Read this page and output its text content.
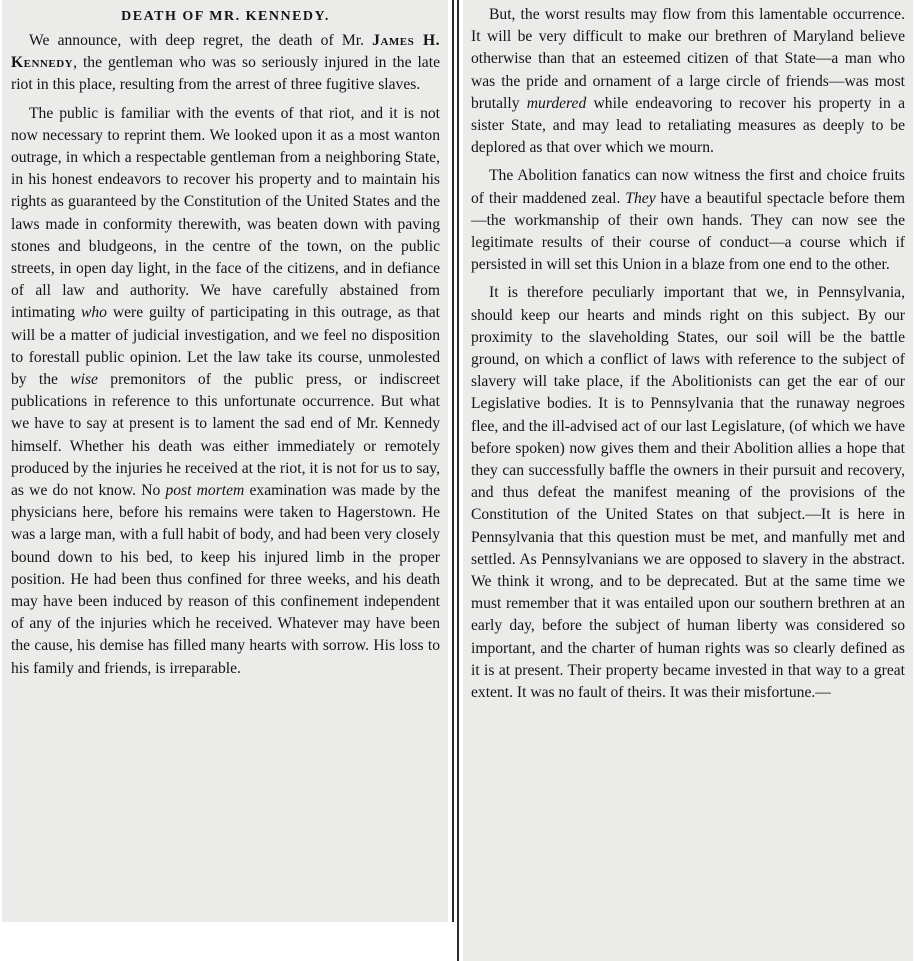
DEATH OF MR. KENNEDY.

We announce, with deep regret, the death of Mr. James H. Kennedy, the gentleman who was so seriously injured in the late riot in this place, resulting from the arrest of three fugitive slaves.

The public is familiar with the events of that riot, and it is not now necessary to reprint them. We looked upon it as a most wanton outrage, in which a respectable gentleman from a neighboring State, in his honest endeavors to recover his property and to maintain his rights as guaranteed by the Constitution of the United States and the laws made in conformity therewith, was beaten down with paving stones and bludgeons, in the centre of the town, on the public streets, in open day light, in the face of the citizens, and in defiance of all law and authority. We have carefully abstained from intimating who were guilty of participating in this outrage, as that will be a matter of judicial investigation, and we feel no disposition to forestall public opinion. Let the law take its course, unmolested by the wise premonitors of the public press, or indiscreet publications in reference to this unfortunate occurrence. But what we have to say at present is to lament the sad end of Mr. Kennedy himself. Whether his death was either immediately or remotely produced by the injuries he received at the riot, it is not for us to say, as we do not know. No post mortem examination was made by the physicians here, before his remains were taken to Hagerstown. He was a large man, with a full habit of body, and had been very closely bound down to his bed, to keep his injured limb in the proper position. He had been thus confined for three weeks, and his death may have been induced by reason of this confinement independent of any of the injuries which he received. Whatever may have been the cause, his demise has filled many hearts with sorrow. His loss to his family and friends, is irreparable.

But, the worst results may flow from this lamentable occurrence. It will be very difficult to make our brethren of Maryland believe otherwise than that an esteemed citizen of that State—a man who was the pride and ornament of a large circle of friends—was most brutally murdered while endeavoring to recover his property in a sister State, and may lead to retaliating measures as deeply to be deplored as that over which we mourn.

The Abolition fanatics can now witness the first and choice fruits of their maddened zeal. They have a beautiful spectacle before them—the workmanship of their own hands. They can now see the legitimate results of their course of conduct—a course which if persisted in will set this Union in a blaze from one end to the other.

It is therefore peculiarly important that we, in Pennsylvania, should keep our hearts and minds right on this subject. By our proximity to the slaveholding States, our soil will be the battle ground, on which a conflict of laws with reference to the subject of slavery will take place, if the Abolitionists can get the ear of our Legislative bodies. It is to Pennsylvania that the runaway negroes flee, and the ill-advised act of our last Legislature, (of which we have before spoken) now gives them and their Abolition allies a hope that they can successfully baffle the owners in their pursuit and recovery, and thus defeat the manifest meaning of the provisions of the Constitution of the United States on that subject.—It is here in Pennsylvania that this question must be met, and manfully met and settled. As Pennsylvanians we are opposed to slavery in the abstract. We think it wrong, and to be deprecated. But at the same time we must remember that it was entailed upon our southern brethren at an early day, before the subject of human liberty was considered so important, and the charter of human rights was so clearly defined as it is at present. Their property became invested in that way to a great extent. It was no fault of theirs. It was their misfortune.—
